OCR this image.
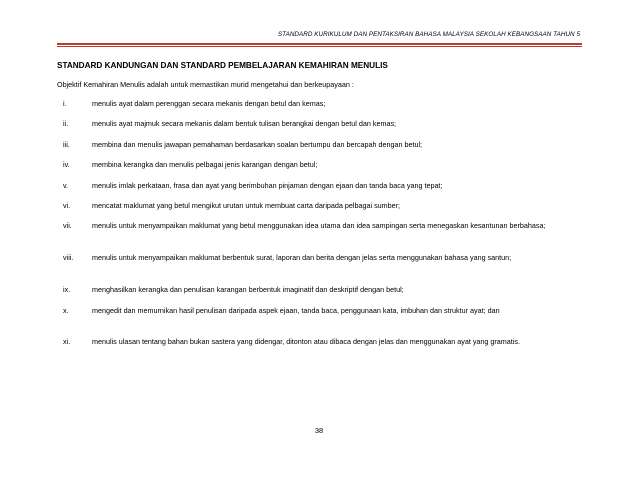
STANDARD KURIKULUM DAN PENTAKSIRAN BAHASA MALAYSIA SEKOLAH KEBANGSAAN TAHUN 5
STANDARD KANDUNGAN DAN STANDARD PEMBELAJARAN KEMAHIRAN MENULIS
Objektif Kemahiran Menulis adalah untuk memastikan murid mengetahui dan berkeupayaan :
i.	menulis ayat dalam perenggan secara mekanis dengan betul dan kemas;
ii.	menulis ayat majmuk secara mekanis dalam bentuk tulisan berangkai dengan betul dan kemas;
iii.	membina dan menulis jawapan pemahaman berdasarkan soalan bertumpu dan bercapah dengan betul;
iv.	membina kerangka dan menulis pelbagai jenis karangan dengan betul;
v.	menulis imlak perkataan, frasa dan ayat yang berimbuhan pinjaman dengan ejaan dan tanda baca yang tepat;
vi.	mencatat maklumat yang betul mengikut urutan untuk membuat carta daripada pelbagai sumber;
vii.	menulis untuk menyampaikan maklumat yang betul menggunakan idea utama dan idea sampingan serta menegaskan kesantunan berbahasa;
viii.	menulis untuk menyampaikan maklumat berbentuk surat, laporan dan berita dengan jelas serta menggunakan bahasa yang santun;
ix.	menghasilkan kerangka dan penulisan karangan berbentuk imaginatif dan deskriptif dengan betul;
x.	mengedit dan memurnikan hasil penulisan daripada aspek ejaan, tanda baca, penggunaan kata, imbuhan dan struktur ayat; dan
xi.	menulis ulasan tentang bahan bukan sastera yang didengar, ditonton atau dibaca dengan jelas dan menggunakan ayat yang gramatis.
38
